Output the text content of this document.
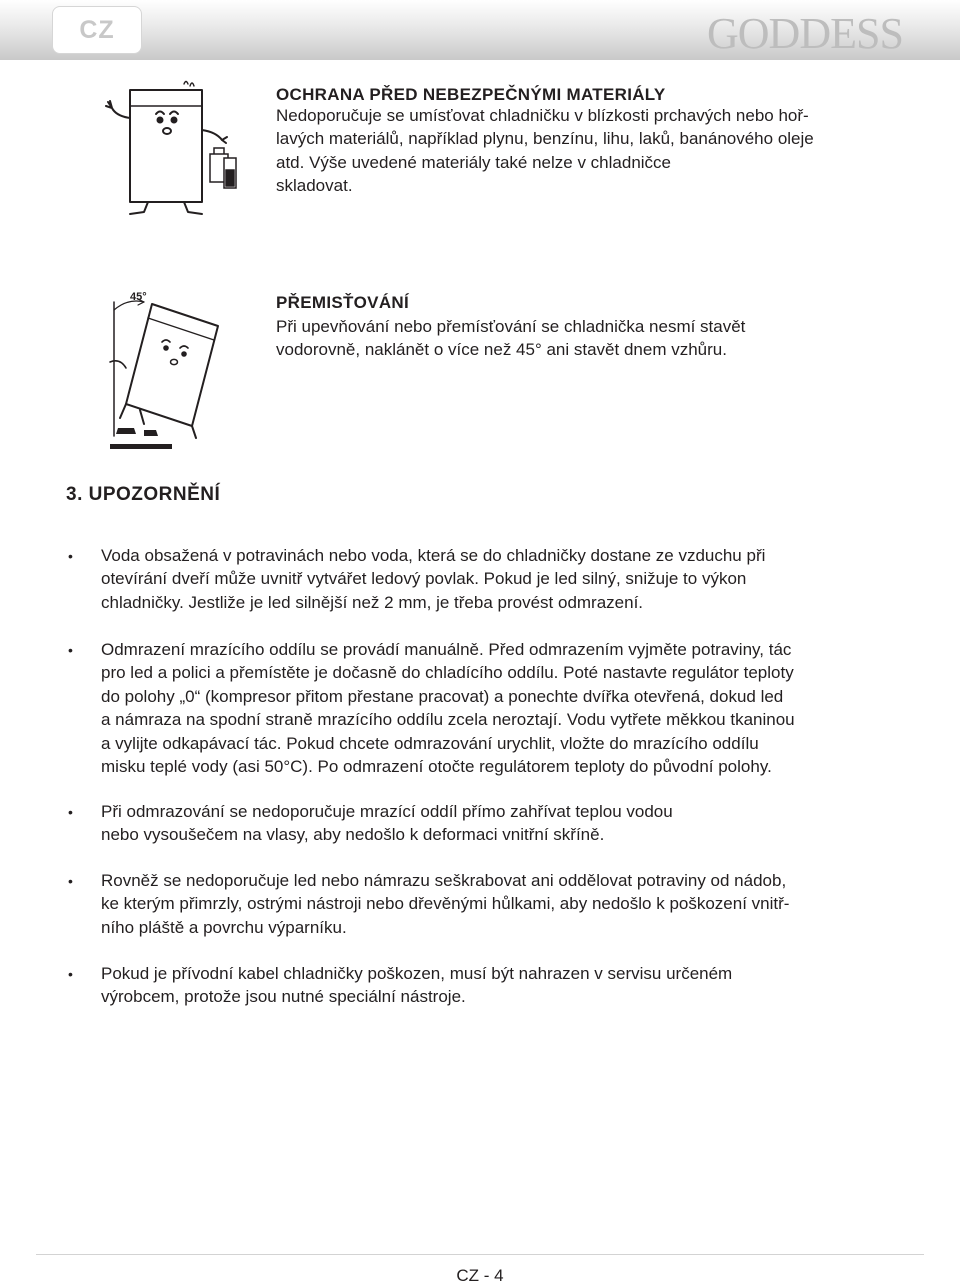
CZ	GODDESS
OCHRANA PŘED NEBEZPEČNÝMI MATERIÁLY
Nedoporučuje se umísťovat chladničku v blízkosti prchavých nebo hoř-
lavých materiálů, například plynu, benzínu, lihu, laků, banánového oleje
atd. Výše uvedené materiály také nelze v chladničce
skladovat.
45°	PŘEMISŤOVÁNÍ
Při upevňování nebo přemísťování se chladnička nesmí stavět
vodorovně, naklánět o více než 45° ani stavět dnem vzhůru.
3. UPOZORNĚNÍ
• Voda obsažená v potravinách nebo voda, která se do chladničky dostane ze vzduchu při
otevírání dveří může uvnitř vytvářet ledový povlak. Pokud je led silný, snižuje to výkon
chladničky. Jestliže je led silnější než 2 mm, je třeba provést odmrazení.
• Odmrazení mrazícího oddílu se provádí manuálně. Před odmrazením vyjměte potraviny, tác
pro led a polici a přemístěte je dočasně do chladícího oddílu. Poté nastavte regulátor teploty
do polohy „0“ (kompresor přitom přestane pracovat) a ponechte dvířka otevřená, dokud led
a námraza na spodní straně mrazícího oddílu zcela neroztají. Vodu vytřete měkkou tkaninou
a vylijte odkapávací tác. Pokud chcete odmrazování urychlit, vložte do mrazícího oddílu
misku teplé vody (asi 50°C). Po odmrazení otočte regulátorem teploty do původní polohy.
• Při odmrazování se nedoporučuje mrazící oddíl přímo zahřívat teplou vodou
nebo vysoušečem na vlasy, aby nedošlo k deformaci vnitřní skříně.
• Rovněž se nedoporučuje led nebo námrazu seškrabovat ani oddělovat potraviny od nádob,
ke kterým přimrzly, ostrými nástroji nebo dřevěnými hůlkami, aby nedošlo k poškození vnitř-
ního pláště a povrchu výparníku.
• Pokud je přívodní kabel chladničky poškozen, musí být nahrazen v servisu určeném
výrobcem, protože jsou nutné speciální nástroje.
CZ - 4
